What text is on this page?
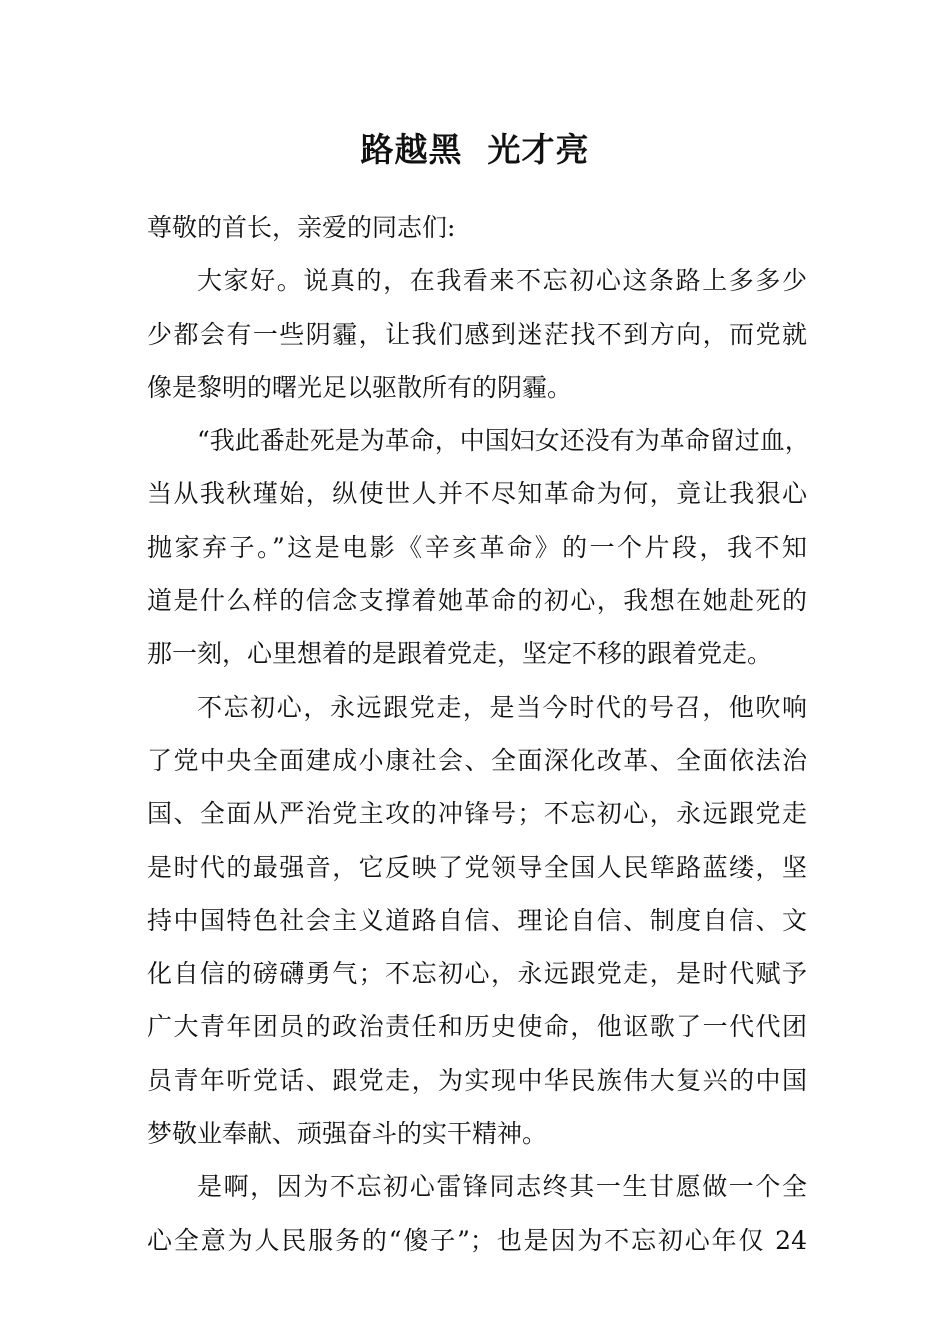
路越黑  光才亮
尊敬的首长，亲爱的同志们:
大家好。说真的，在我看来不忘初心这条路上多多少
少都会有一些阴霾，让我们感到迷茫找不到方向，而党就
像是黎明的曙光足以驱散所有的阴霾。
“我此番赴死是为革命，中国妇女还没有为革命留过血，
当从我秋瑾始，纵使世人并不尽知革命为何，竟让我狠心
抛家弃子。”这是电影《辛亥革命》的一个片段，我不知
道是什么样的信念支撑着她革命的初心，我想在她赴死的
那一刻，心里想着的是跟着党走，坚定不移的跟着党走。
不忘初心，永远跟党走，是当今时代的号召，他吹响
了党中央全面建成小康社会、全面深化改革、全面依法治
国、全面从严治党主攻的冲锋号；不忘初心，永远跟党走
是时代的最强音，它反映了党领导全国人民筚路蓝缕，坚
持中国特色社会主义道路自信、理论自信、制度自信、文
化自信的磅礴勇气；不忘初心，永远跟党走，是时代赋予
广大青年团员的政治责任和历史使命，他讴歌了一代代团
员青年听党话、跟党走，为实现中华民族伟大复兴的中国
梦敬业奉献、顽强奋斗的实干精神。
是啊，因为不忘初心雷锋同志终其一生甘愿做一个全
心全意为人民服务的“傻子”；也是因为不忘初心年仅 24
